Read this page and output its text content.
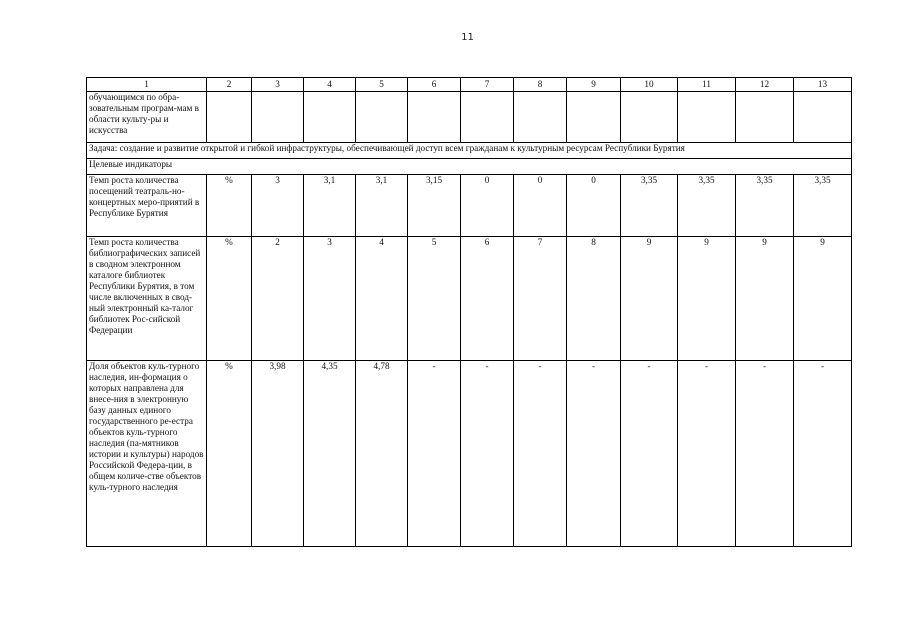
11
1	2	3	4	5	6	7	8	9	10	11	12	13
обучающимся по обра-зовательным програм-мам в области культу-ры и искусства												
Задача: создание и развитие открытой и гибкой инфраструктуры, обеспечивающей доступ всем гражданам к культурным ресурсам Республики Бурятия												
Целевые индикаторы												
Темп роста количества посещений театраль-но-концертных меро-приятий в Республике Бурятия	%	3	3,1	3,1	3,15	0	0	0	3,35	3,35	3,35	3,35
Темп роста количества библиографических записей в сводном электронном каталоге библиотек Республики Бурятия, в том числе включенных в свод-ный электронный ка-талог библиотек Рос-сийской Федерации	%	2	3	4	5	6	7	8	9	9	9	9
Доля объектов куль-турного наследия, ин-формация о которых направлена для внесе-ния в электронную базу данных единого государственного ре-естра объектов куль-турного наследия (па-мятников истории и культуры) народов Российской Федера-ции, в общем количе-стве объектов куль-турного наследия	%	3,98	4,35	4,78	-	-	-	-	-	-	-	-
